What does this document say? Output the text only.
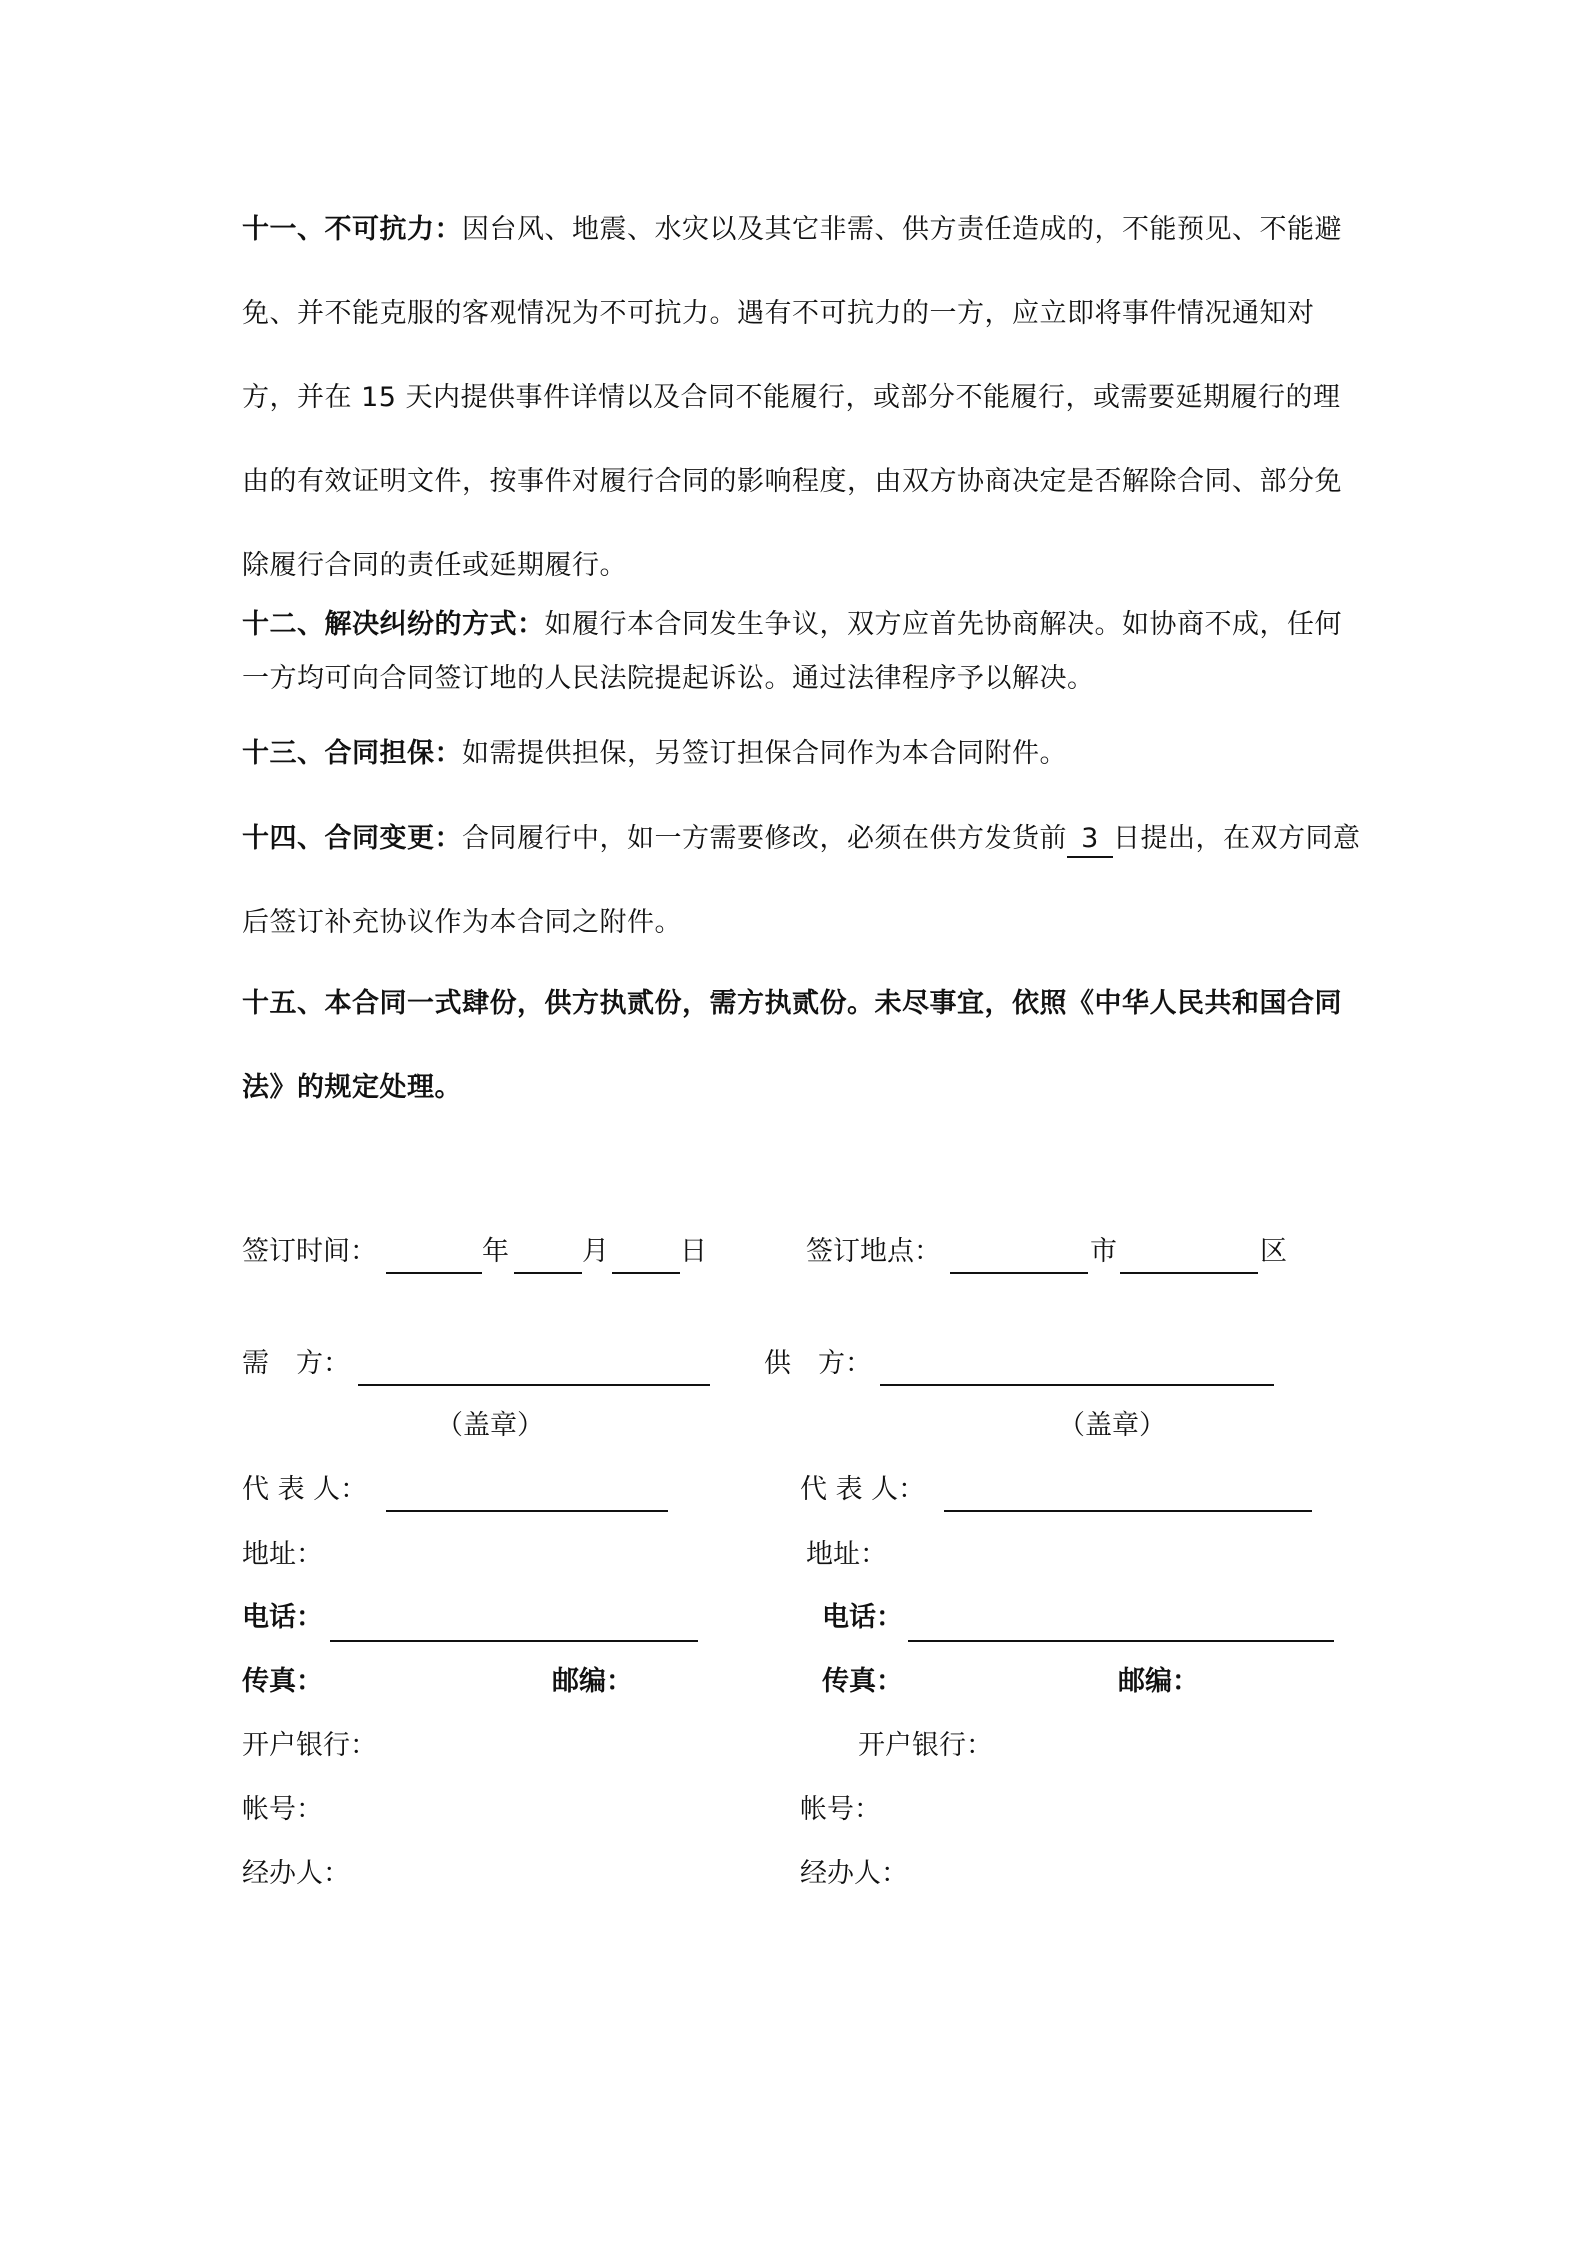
十一、不可抗力：因台风、地震、水灾以及其它非需、供方责任造成的，不能预见、不能避免、并不能克服的客观情况为不可抗力。遇有不可抗力的一方，应立即将事件情况通知对方，并在 15 天内提供事件详情以及合同不能履行，或部分不能履行，或需要延期履行的理由的有效证明文件，按事件对履行合同的影响程度，由双方协商决定是否解除合同、部分免除履行合同的责任或延期履行。

十二、解决纠纷的方式：如履行本合同发生争议，双方应首先协商解决。如协商不成，任何一方均可向合同签订地的人民法院提起诉讼。通过法律程序予以解决。

十三、合同担保：如需提供担保，另签订担保合同作为本合同附件。

十四、合同变更：合同履行中，如一方需要修改，必须在供方发货前 3 日提出，在双方同意后签订补充协议作为本合同之附件。

十五、本合同一式肆份，供方执贰份，需方执贰份。未尽事宜，依照《中华人民共和国合同法》的规定处理。

签订时间：	年	月	日	签订地点：	市	区
需　方：	供　方：
（盖章）	（盖章）
代 表 人：	代 表 人：
地址：	地址：
电话：	电话：
传真：	邮编：	传真：	邮编：
开户银行：	开户银行：
帐号：	帐号：
经办人：	经办人：
